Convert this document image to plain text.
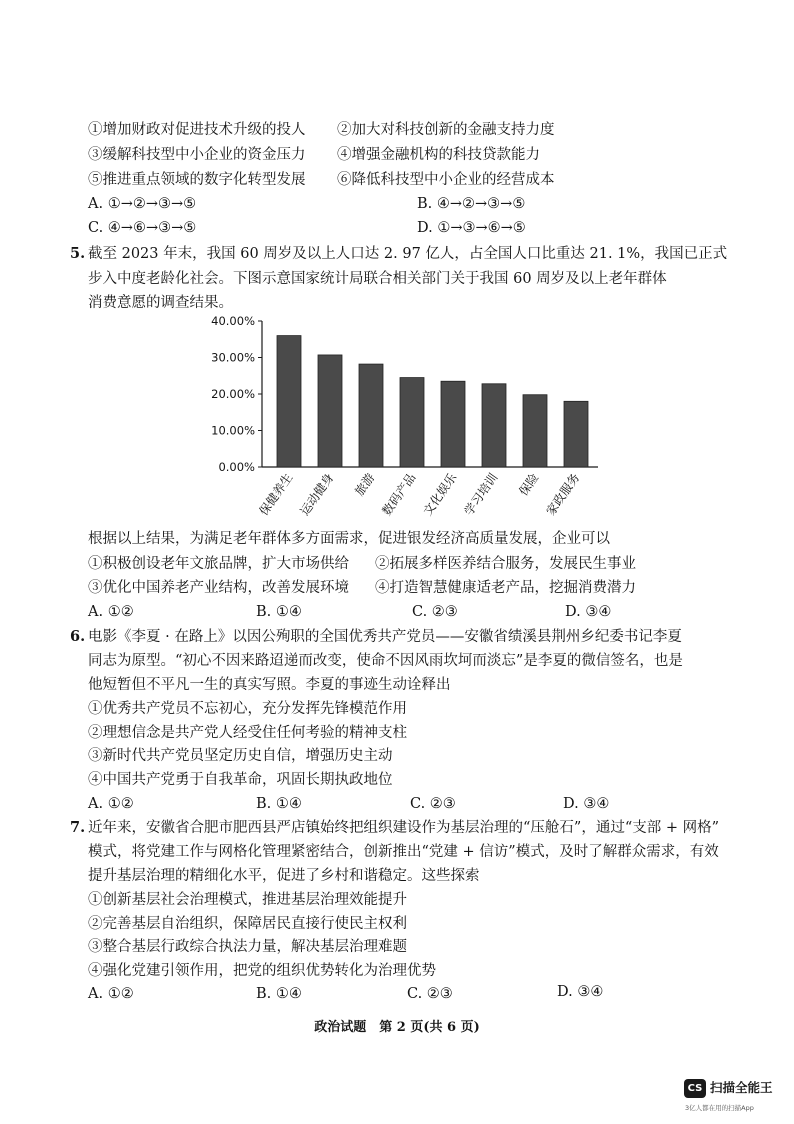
①增加财政对促进技术升级的投人 ②加大对科技创新的金融支持力度
③缓解科技型中小企业的资金压力 ④增强金融机构的科技贷款能力
⑤推进重点领域的数字化转型发展 ⑥降低科技型中小企业的经营成本
A. ①→②→③→⑤	B. ④→②→③→⑤
C. ④→⑥→③→⑤	D. ①→③→⑥→⑤
5. 截至 2023 年末，我国 60 周岁及以上人口达 2. 97 亿人，占全国人口比重达 21. 1%，我国已正式
步入中度老龄化社会。下图示意国家统计局联合相关部门关于我国 60 周岁及以上老年群体
消费意愿的调查结果。
0.00%
10.00%
20.00%
30.00%
40.00%
保健养生 运动健身 旅游 数码产品 文化娱乐 学习培训 保险 家政服务
根据以上结果，为满足老年群体多方面需求，促进银发经济高质量发展，企业可以
①积极创设老年文旅品牌，扩大市场供给 ②拓展多样医养结合服务，发展民生事业
③优化中国养老产业结构，改善发展环境 ④打造智慧健康适老产品，挖掘消费潜力
A. ①②	B. ①④	C. ②③	D. ③④
6. 电影《李夏 · 在路上》以因公殉职的全国优秀共产党员——安徽省绩溪县荆州乡纪委书记李夏
同志为原型。“初心不因来路迢递而改变，使命不因风雨坎坷而淡忘”是李夏的微信签名，也是
他短暂但不平凡一生的真实写照。李夏的事迹生动诠释出
①优秀共产党员不忘初心，充分发挥先锋模范作用
②理想信念是共产党人经受住任何考验的精神支柱
③新时代共产党员坚定历史自信，增强历史主动
④中国共产党勇于自我革命，巩固长期执政地位
A. ①②	B. ①④	C. ②③	D. ③④
7. 近年来，安徽省合肥市肥西县严店镇始终把组织建设作为基层治理的“压舱石”，通过“支部 + 网格”
模式，将党建工作与网格化管理紧密结合，创新推出“党建 + 信访”模式，及时了解群众需求，有效
提升基层治理的精细化水平，促进了乡村和谐稳定。这些探索
①创新基层社会治理模式，推进基层治理效能提升
②完善基层自治组织，保障居民直接行使民主权利
③整合基层行政综合执法力量，解决基层治理难题
④强化党建引领作用，把党的组织优势转化为治理优势
A. ①②	B. ①④	C. ②③	D. ③④
政治试题　第 2 页(共 6 页)
CS 扫描全能王
3亿人都在用的扫描App
